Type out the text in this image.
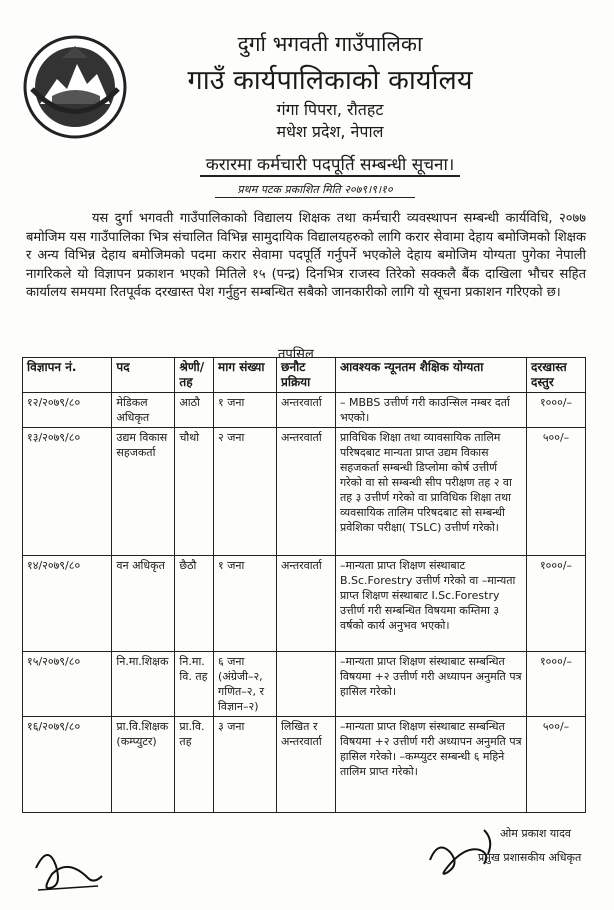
दुर्गा भगवती गाउँपालिका
गाउँ कार्यपालिकाको कार्यालय
गंगा पिपरा, रौतहट
मधेश प्रदेश, नेपाल
करारमा कर्मचारी पदपूर्ति सम्बन्धी सूचना।
प्रथम पटक प्रकाशित मिति २०७९।९।१०
यस दुर्गा भगवती गाउँपालिकाको विद्यालय शिक्षक तथा कर्मचारी व्यवस्थापन सम्बन्धी कार्यविधि, २०७७ बमोजिम यस गाउँपालिका भित्र संचालित विभिन्न सामुदायिक विद्यालयहरुको लागि करार सेवामा देहाय बमोजिमको शिक्षक र अन्य विभिन्न देहाय बमोजिमको पदमा करार सेवामा पदपूर्ति गर्नुपर्ने भएकोले देहाय बमोजिम योग्यता पुगेका नेपाली नागरिकले यो विज्ञापन प्रकाशन भएको मितिले १५ (पन्द्र) दिनभित्र राजस्व तिरेको सक्कलै बैंक दाखिला भौचर सहित कार्यालय समयमा रितपूर्वक दरखास्त पेश गर्नुहुन सम्बन्धित सबैको जानकारीको लागि यो सूचना प्रकाशन गरिएको छ।
तपसिल
विज्ञापन नं.	पद	श्रेणी/ तह	माग संख्या	छनौट प्रक्रिया	आवश्यक न्यूनतम शैक्षिक योग्यता	दरखास्त दस्तुर
१२/२०७९/८०	मेडिकल अधिकृत	आठौ	१ जना	अन्तरवार्ता	– MBBS उत्तीर्ण गरी काउन्सिल नम्बर दर्ता भएको।	१०००/–
१३/२०७९/८०	उद्यम विकास सहजकर्ता	चौथो	२ जना	अन्तरवार्ता	प्राविधिक शिक्षा तथा व्यावसायिक तालिम परिषदबाट मान्यता प्राप्त उद्यम विकास सहजकर्ता सम्बन्धी डिप्लोमा कोर्ष उत्तीर्ण गरेको वा सो सम्बन्धी सीप परीक्षण तह २ वा तह ३ उत्तीर्ण गरेको वा प्राविधिक शिक्षा तथा व्यवसायिक तालिम परिषदबाट सो सम्बन्धी प्रवेशिका परीक्षा( TSLC) उत्तीर्ण गरेको।	५००/–
१४/२०७९/८०	वन अधिकृत	छैठौ	१ जना	अन्तरवार्ता	–मान्यता प्राप्त शिक्षण संस्थाबाट B.Sc.Forestry उत्तीर्ण गरेको वा –मान्यता प्राप्त शिक्षण संस्थाबाट I.Sc.Forestry उत्तीर्ण गरी सम्बन्धित विषयमा कम्तिमा ३ वर्षको कार्य अनुभव भएको।	१०००/–
१५/२०७९/८०	नि.मा.शिक्षक	नि.मा. वि. तह	६ जना (अंग्रेजी–२, गणित–२, र विज्ञान–२)		–मान्यता प्राप्त शिक्षण संस्थाबाट सम्बन्धित विषयमा +२ उत्तीर्ण गरी अध्यापन अनुमति पत्र हासिल गरेको।	१०००/–
१६/२०७९/८०	प्रा.वि.शिक्षक (कम्प्युटर)	प्रा.वि. तह	३ जना	लिखित र अन्तरवार्ता	–मान्यता प्राप्त शिक्षण संस्थाबाट सम्बन्धित विषयमा +२ उत्तीर्ण गरी अध्यापन अनुमति पत्र हासिल गरेको। –कम्प्युटर सम्बन्धी ६ महिने तालिम प्राप्त गरेको।	५००/–
ओम प्रकाश यादव
प्रमुख प्रशासकीय अधिकृत
